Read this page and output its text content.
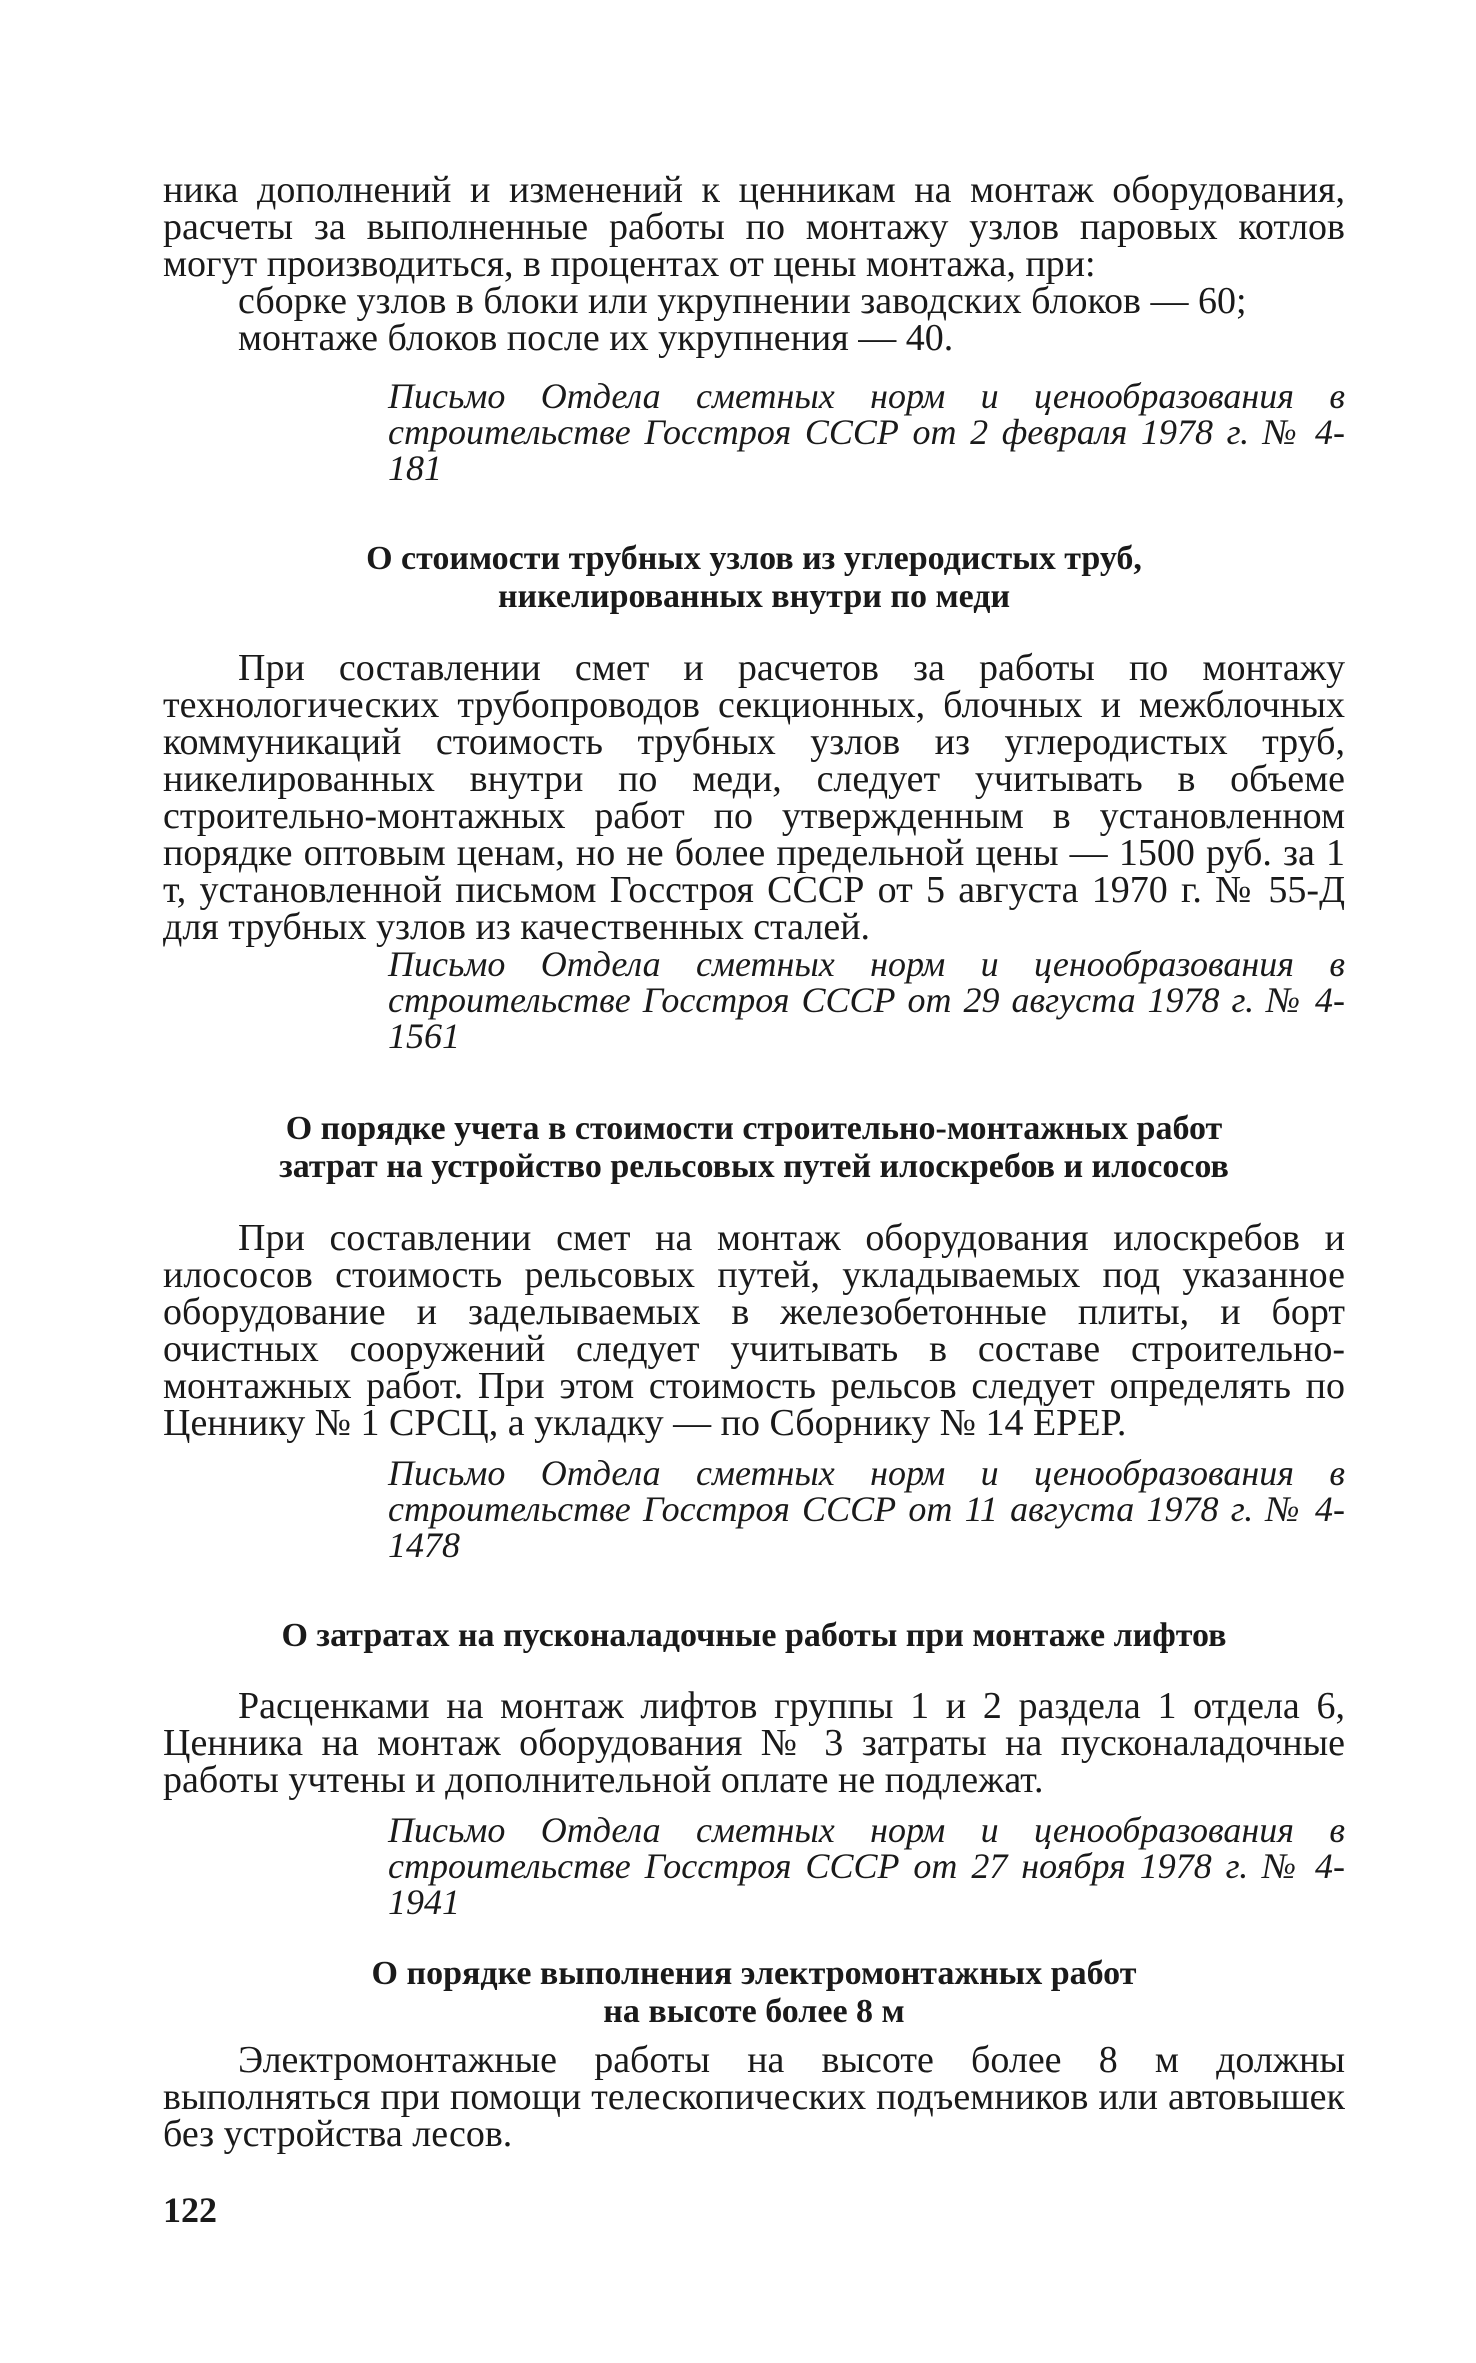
ника дополнений и изменений к ценникам на монтаж оборудования, расчеты за выполненные работы по монтажу узлов паровых котлов могут производиться, в процентах от цены монтажа, при:

сборке узлов в блоки или укрупнении заводских блоков — 60;

монтаже блоков после их укрупнения — 40.

Письмо Отдела сметных норм и ценообразования в строительстве Госстроя СССР от 2 февраля 1978 г. № 4-181

О стоимости трубных узлов из углеродистых труб,
никелированных внутри по меди

При составлении смет и расчетов за работы по монтажу технологических трубопроводов секционных, блочных и межблочных коммуникаций стоимость трубных узлов из углеродистых труб, никелированных внутри по меди, следует учитывать в объеме строительно-монтажных работ по утвержденным в установленном порядке оптовым ценам, но не более предельной цены — 1500 руб. за 1 т, установленной письмом Госстроя СССР от 5 августа 1970 г. № 55-Д для трубных узлов из качественных сталей.

Письмо Отдела сметных норм и ценообразования в строительстве Госстроя СССР от 29 августа 1978 г. № 4-1561

О порядке учета в стоимости строительно-монтажных работ
затрат на устройство рельсовых путей илоскребов и илососов

При составлении смет на монтаж оборудования илоскребов и илососов стоимость рельсовых путей, укладываемых под указанное оборудование и заделываемых в железобетонные плиты, и борт очистных сооружений следует учитывать в составе строительно-монтажных работ. При этом стоимость рельсов следует определять по Ценнику № 1 СРСЦ, а укладку — по Сборнику № 14 ЕРЕР.

Письмо Отдела сметных норм и ценообразования в строительстве Госстроя СССР от 11 августа 1978 г. № 4-1478

О затратах на пусконаладочные работы при монтаже лифтов

Расценками на монтаж лифтов группы 1 и 2 раздела 1 отдела 6, Ценника на монтаж оборудования № 3 затраты на пусконаладочные работы учтены и дополнительной оплате не подлежат.

Письмо Отдела сметных норм и ценообразования в строительстве Госстроя СССР от 27 ноября 1978 г. № 4-1941

О порядке выполнения электромонтажных работ
на высоте более 8 м

Электромонтажные работы на высоте более 8 м должны выполняться при помощи телескопических подъемников или автовышек без устройства лесов.

122
